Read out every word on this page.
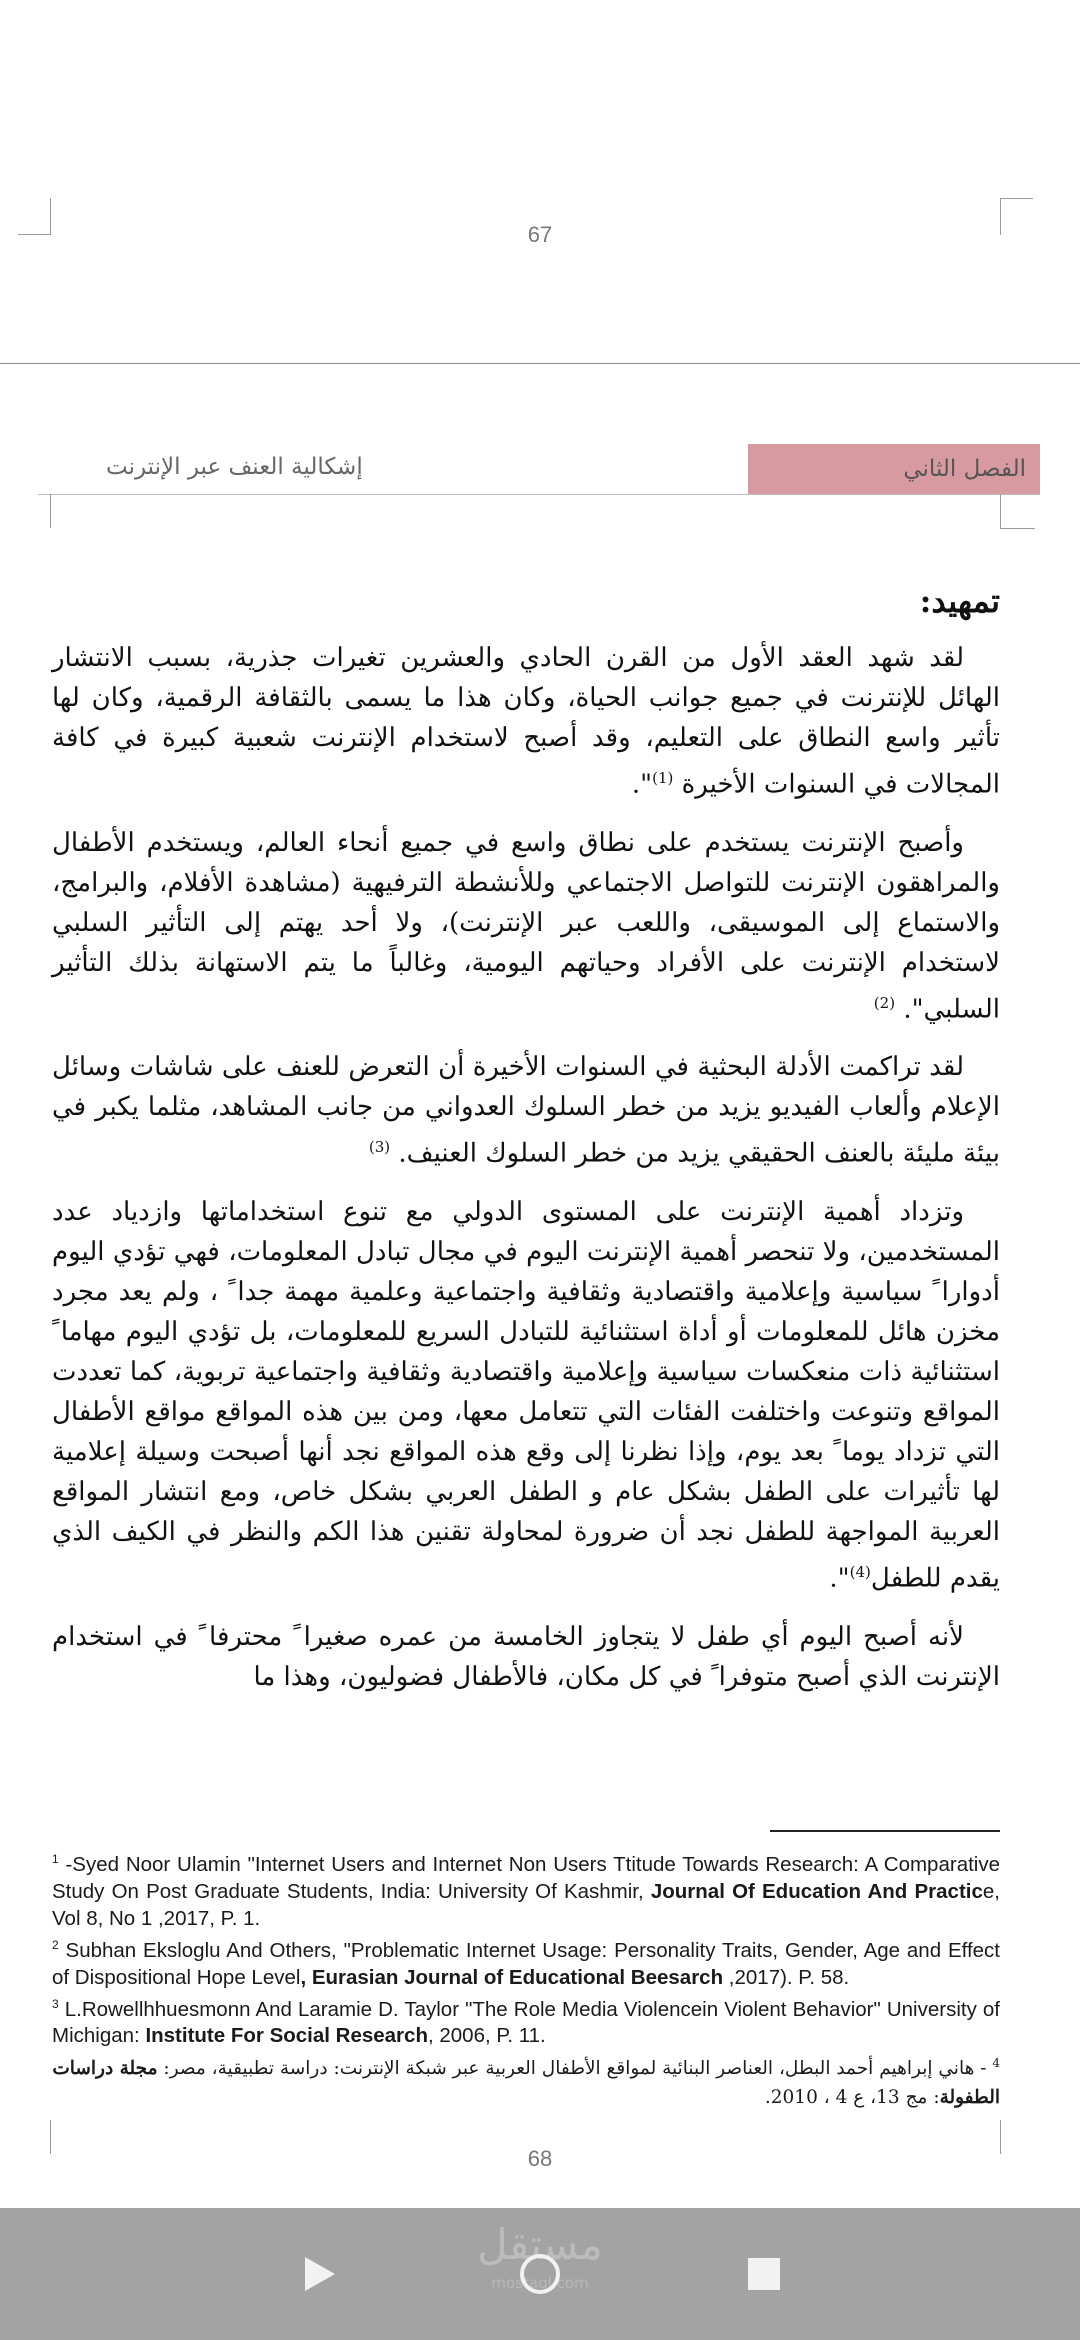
67
الفصل الثاني
إشكالية العنف عبر الإنترنت
تمهيد:

لقد شهد العقد الأول من القرن الحادي والعشرين تغيرات جذرية، بسبب الانتشار الهائل للإنترنت في جميع جوانب الحياة، وكان هذا ما يسمى بالثقافة الرقمية، وكان لها تأثير واسع النطاق على التعليم، وقد أصبح لاستخدام الإنترنت شعبية كبيرة في كافة المجالات في السنوات الأخيرة $^{(1)}$".

وأصبح الإنترنت يستخدم على نطاق واسع في جميع أنحاء العالم، ويستخدم الأطفال والمراهقون الإنترنت للتواصل الاجتماعي وللأنشطة الترفيهية (مشاهدة الأفلام، والبرامج، والاستماع إلى الموسيقى، واللعب عبر الإنترنت)، ولا أحد يهتم إلى التأثير السلبي لاستخدام الإنترنت على الأفراد وحياتهم اليومية، وغالباً ما يتم الاستهانة بذلك التأثير السلبي". $^{(2)}$

لقد تراكمت الأدلة البحثية في السنوات الأخيرة أن التعرض للعنف على شاشات وسائل الإعلام وألعاب الفيديو يزيد من خطر السلوك العدواني من جانب المشاهد، مثلما يكبر في بيئة مليئة بالعنف الحقيقي يزيد من خطر السلوك العنيف. $^{(3)}$

وتزداد أهمية الإنترنت على المستوى الدولي مع تنوع استخداماتها وازدياد عدد المستخدمين، ولا تنحصر أهمية الإنترنت اليوم في مجال تبادل المعلومات، فهي تؤدي اليوم أدوارا ً سياسية وإعلامية واقتصادية وثقافية واجتماعية وعلمية مهمة جدا ً ، ولم يعد مجرد مخزن هائل للمعلومات أو أداة استثنائية للتبادل السريع للمعلومات، بل تؤدي اليوم مهاما ً استثنائية ذات منعكسات سياسية وإعلامية واقتصادية وثقافية واجتماعية تربوية، كما تعددت المواقع وتنوعت واختلفت الفئات التي تتعامل معها، ومن بين هذه المواقع مواقع الأطفال التي تزداد يوما ً بعد يوم، وإذا نظرنا إلى وقع هذه المواقع نجد أنها أصبحت وسيلة إعلامية لها تأثيرات على الطفل بشكل عام و الطفل العربي بشكل خاص، ومع انتشار المواقع العربية المواجهة للطفل نجد أن ضرورة لمحاولة تقنين هذا الكم والنظر في الكيف الذي يقدم للطفل$^{(4)}$".

لأنه أصبح اليوم أي طفل لا يتجاوز الخامسة من عمره صغيرا ً محترفا ً في استخدام الإنترنت الذي أصبح متوفرا ً في كل مكان، فالأطفال فضوليون، وهذا ما

$^1$ -Syed Noor Ulamin "Internet Users and Internet Non Users Ttitude Towards Research: A Comparative Study On Post Graduate Students, India: University Of Kashmir, Journal Of Education And Practice, Vol 8, No 1 ,2017, P. 1.

$^2$ Subhan Eksloglu And Others, "Problematic Internet Usage: Personality Traits, Gender, Age and Effect of Dispositional Hope Level, Eurasian Journal of Educational Beesarch ,2017). P. 58.

$^3$ L.Rowellhhuesmonn And Laramie D. Taylor "The Role Media Violencein Violent Behavior" University of Michigan: Institute For Social Research, 2006, P. 11.

$^4$ - هاني إبراهيم أحمد البطل، العناصر البنائية لمواقع الأطفال العربية عبر شبكة الإنترنت: دراسة تطبيقية، مصر: مجلة دراسات الطفولة: مج 13، ع 4 ، 2010.

68
مستقل
mostaql.com
